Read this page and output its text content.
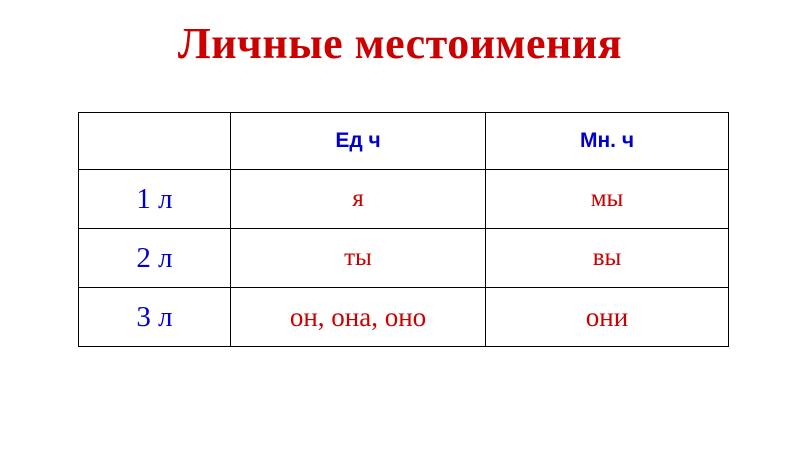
Личные местоимения
	Ед ч	Мн. ч
1 л	я	мы
2 л	ты	вы
3 л	он, она, оно	они
